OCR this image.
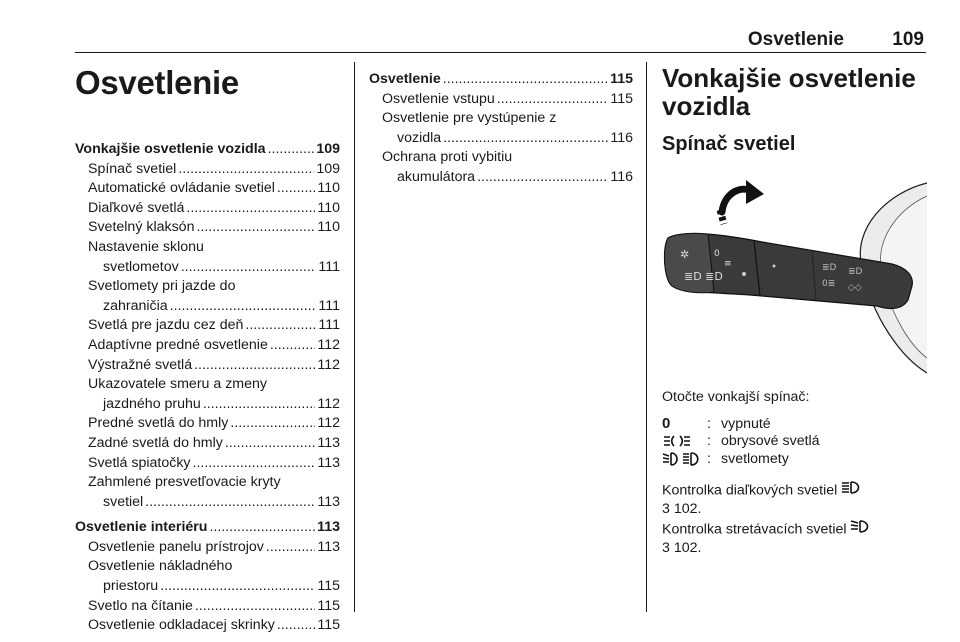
Osvetlenie	109
Osvetlenie
Vonkajšie osvetlenie vozidla .....	109
Spínač svetiel .....	109
Automatické ovládanie svetiel .....	110
Diaľkové svetlá .....	110
Svetelný klaksón .....	110
Nastavenie sklonu
svetlometov .....	111
Svetlomety pri jazde do
zahraničia .....	111
Svetlá pre jazdu cez deň .....	111
Adaptívne predné osvetlenie .....	112
Výstražné svetlá .....	112
Ukazovatele smeru a zmeny
jazdného pruhu .....	112
Predné svetlá do hmly .....	112
Zadné svetlá do hmly .....	113
Svetlá spiatočky .....	113
Zahmlené presvetľovacie kryty
svetiel .....	113
Osvetlenie interiéru .....	113
Osvetlenie panelu prístrojov .....	113
Osvetlenie nákladného
priestoru .....	115
Svetlo na čítanie .....	115
Osvetlenie odkladacej skrinky .....	115
Osvetlenie .....	115
Osvetlenie vstupu .....	115
Osvetlenie pre vystúpenie z
vozidla .....	116
Ochrana proti vybitiu
akumulátora .....	116
Vonkajšie osvetlenie vozidla
Spínač svetiel
✲	0
≡
≣D ≣D
≣D ≣D
0≣ ◇◇
Otočte vonkajší spínač:
0	: vypnuté
: obrysové svetlá
: svetlomety
Kontrolka diaľkových svetiel
3 102.
Kontrolka stretávacích svetiel
3 102.
